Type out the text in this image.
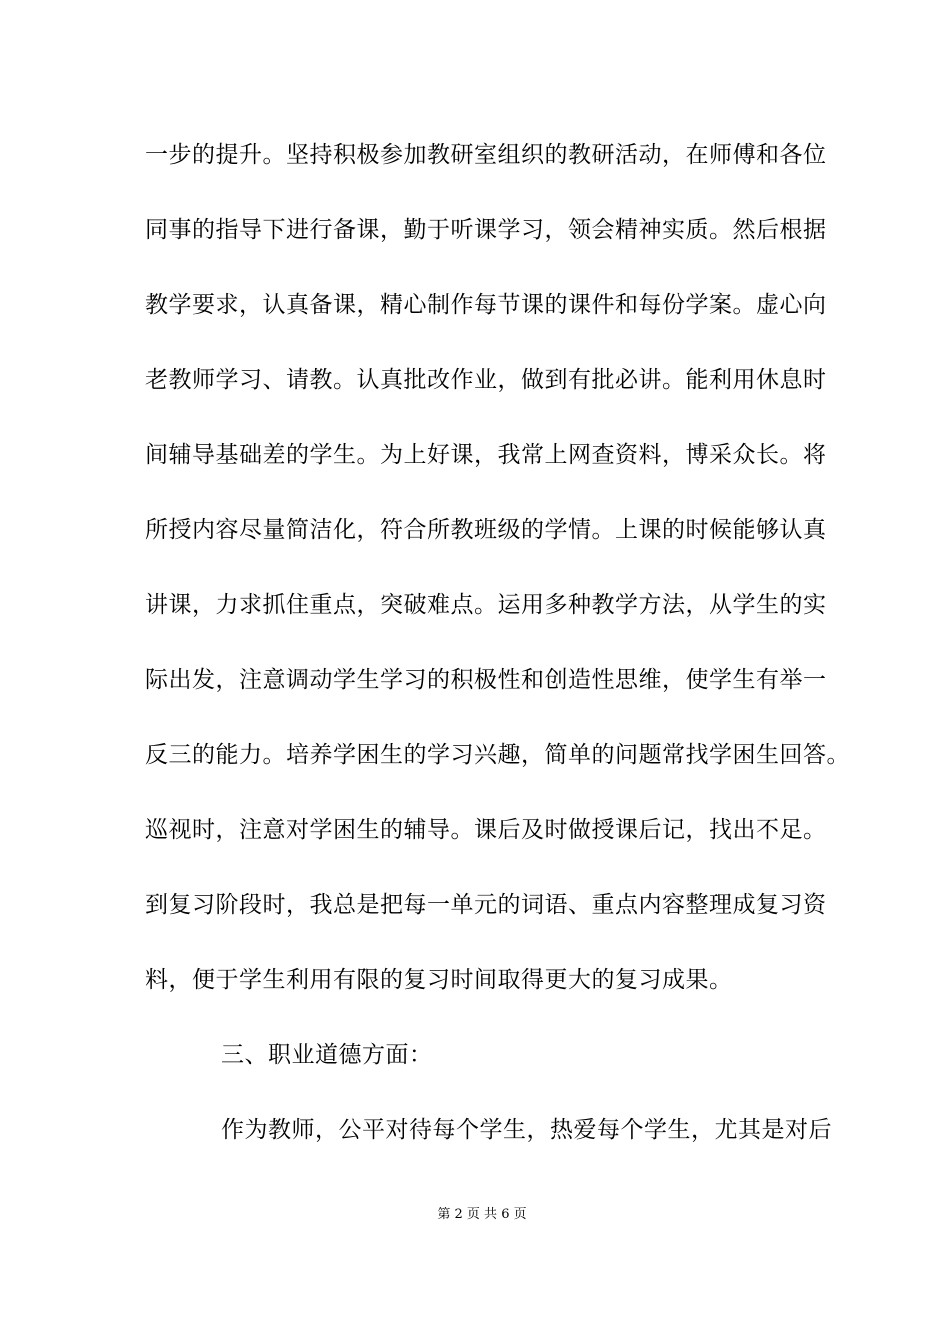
一步的提升。坚持积极参加教研室组织的教研活动，在师傅和各位
同事的指导下进行备课，勤于听课学习，领会精神实质。然后根据
教学要求，认真备课，精心制作每节课的课件和每份学案。虚心向
老教师学习、请教。认真批改作业，做到有批必讲。能利用休息时
间辅导基础差的学生。为上好课，我常上网查资料，博采众长。将
所授内容尽量简洁化，符合所教班级的学情。上课的时候能够认真
讲课，力求抓住重点，突破难点。运用多种教学方法，从学生的实
际出发，注意调动学生学习的积极性和创造性思维，使学生有举一
反三的能力。培养学困生的学习兴趣，简单的问题常找学困生回答。
巡视时，注意对学困生的辅导。课后及时做授课后记，找出不足。
到复习阶段时，我总是把每一单元的词语、重点内容整理成复习资
料，便于学生利用有限的复习时间取得更大的复习成果。
三、职业道德方面：
作为教师，公平对待每个学生，热爱每个学生，尤其是对后
第 2 页 共 6 页
